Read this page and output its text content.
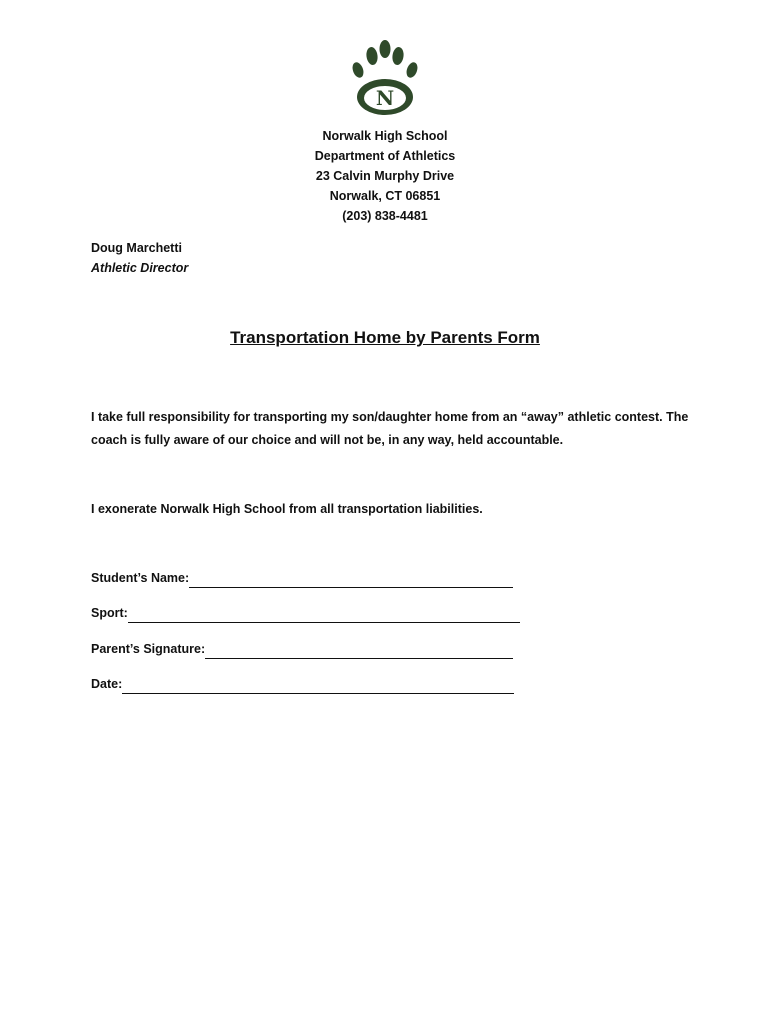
N
Norwalk High School
Department of Athletics
23 Calvin Murphy Drive
Norwalk, CT 06851
(203) 838-4481
Doug Marchetti
Athletic Director
Transportation Home by Parents Form
I take full responsibility for transporting my son/daughter home from an “away” athletic contest. The coach is fully aware of our choice and will not be, in any way, held accountable.
I exonerate Norwalk High School from all transportation liabilities.
Student’s Name:
Sport:
Parent’s Signature:
Date:
